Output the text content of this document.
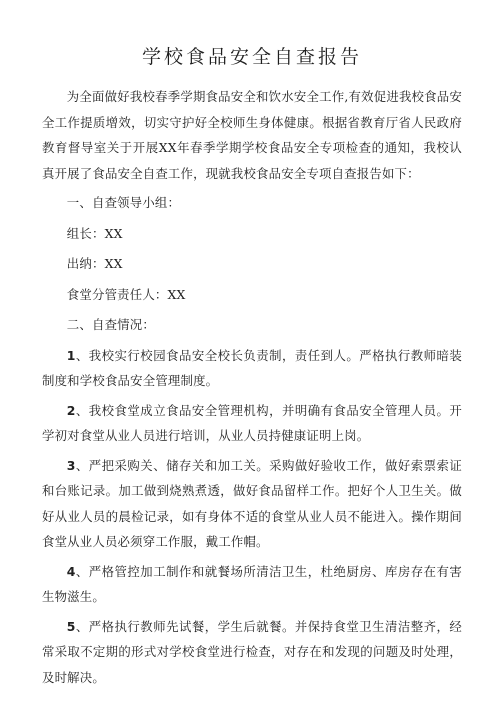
学校食品安全自查报告

为全面做好我校春季学期食品安全和饮水安全工作,有效促进我校食品安全工作提质增效，切实守护好全校师生身体健康。根据省教育厅省人民政府教育督导室关于开展XX年春季学期学校食品安全专项检查的通知，我校认真开展了食品安全自查工作，现就我校食品安全专项自查报告如下：

一、自查领导小组：

组长：XX

出纳：XX

食堂分管责任人：XX

二、自查情况：

1、我校实行校园食品安全校长负责制，责任到人。严格执行教师暗装制度和学校食品安全管理制度。

2、我校食堂成立食品安全管理机构，并明确有食品安全管理人员。开学初对食堂从业人员进行培训，从业人员持健康证明上岗。

3、严把采购关、储存关和加工关。采购做好验收工作，做好索票索证和台账记录。加工做到烧熟煮透，做好食品留样工作。把好个人卫生关。做好从业人员的晨检记录，如有身体不适的食堂从业人员不能进入。操作期间食堂从业人员必须穿工作服，戴工作帽。

4、严格管控加工制作和就餐场所清洁卫生，杜绝厨房、库房存在有害生物滋生。

5、严格执行教师先试餐，学生后就餐。并保持食堂卫生清洁整齐，经常采取不定期的形式对学校食堂进行检查，对存在和发现的问题及时处理，及时解决。
